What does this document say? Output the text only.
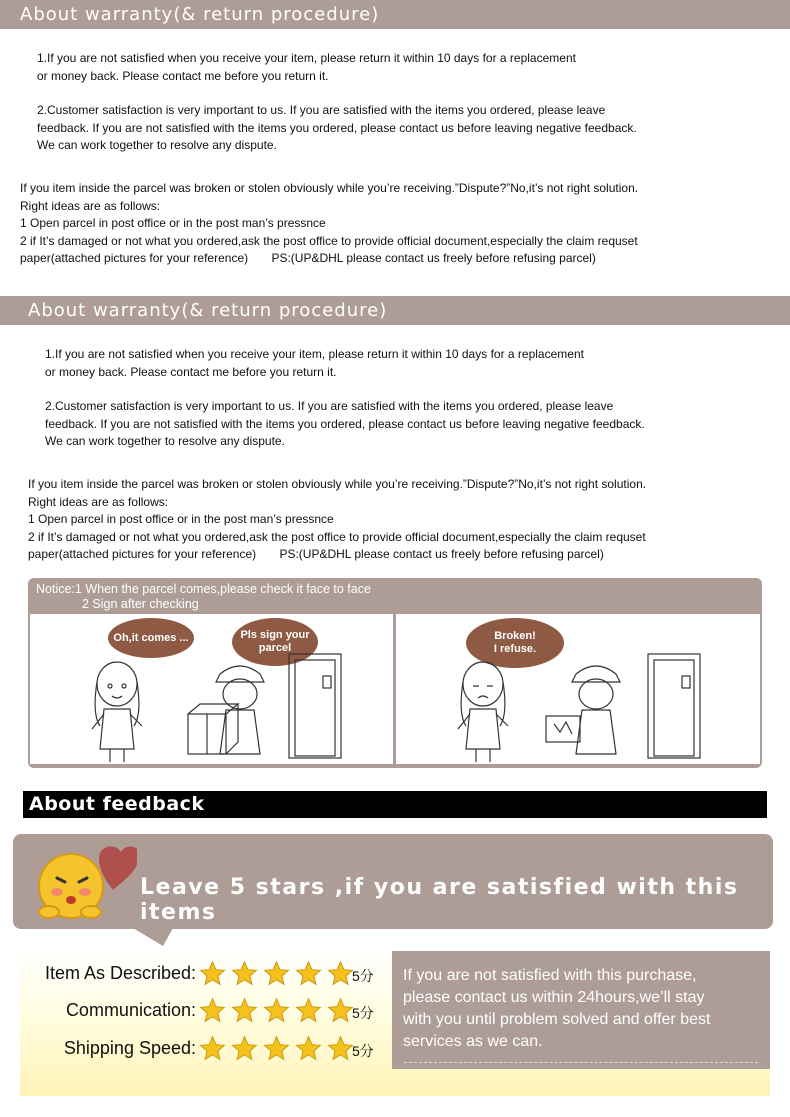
About warranty(& return procedure)

1.If you are not satisfied when you receive your item, please return it within 10 days for a replacement

or money back. Please contact me before you return it.

2.Customer satisfaction is very important to us. If you are satisfied with the items you ordered, please leave

feedback. If you are not satisfied with the items you ordered, please contact us before leaving negative feedback.

We can work together to resolve any dispute.

If you item inside the parcel was broken or stolen obviously while you’re receiving.”Dispute?”No,it’s not right solution.

Right ideas are as follows:

1 Open parcel in post office or in the post man’s pressnce

2 if It’s damaged or not what you ordered,ask the post office to provide official document,especially the claim requset

paper(attached pictures for your reference)       PS:(UP&DHL please contact us freely before refusing parcel)

About warranty(& return procedure)

1.If you are not satisfied when you receive your item, please return it within 10 days for a replacement

or money back. Please contact me before you return it.

2.Customer satisfaction is very important to us. If you are satisfied with the items you ordered, please leave

feedback. If you are not satisfied with the items you ordered, please contact us before leaving negative feedback.

We can work together to resolve any dispute.

If you item inside the parcel was broken or stolen obviously while you’re receiving.”Dispute?”No,it’s not right solution.

Right ideas are as follows:

1 Open parcel in post office or in the post man’s pressnce

2 if It’s damaged or not what you ordered,ask the post office to provide official document,especially the claim requset

paper(attached pictures for your reference)       PS:(UP&DHL please contact us freely before refusing parcel)

Notice:1 When the parcel comes,please check it face to face
2 Sign after checking
Oh,it comes ...	Pls sign your
parcel
Broken!
I refuse.
About feedback
Leave 5 stars ,if you are satisfied with this items
Item As Described:	5分
Communication:	5分
Shipping Speed:	5分
If you are not satisfied with this purchase,
please contact us within 24hours,we’ll stay
with you until problem solved and offer best
services as we can.
